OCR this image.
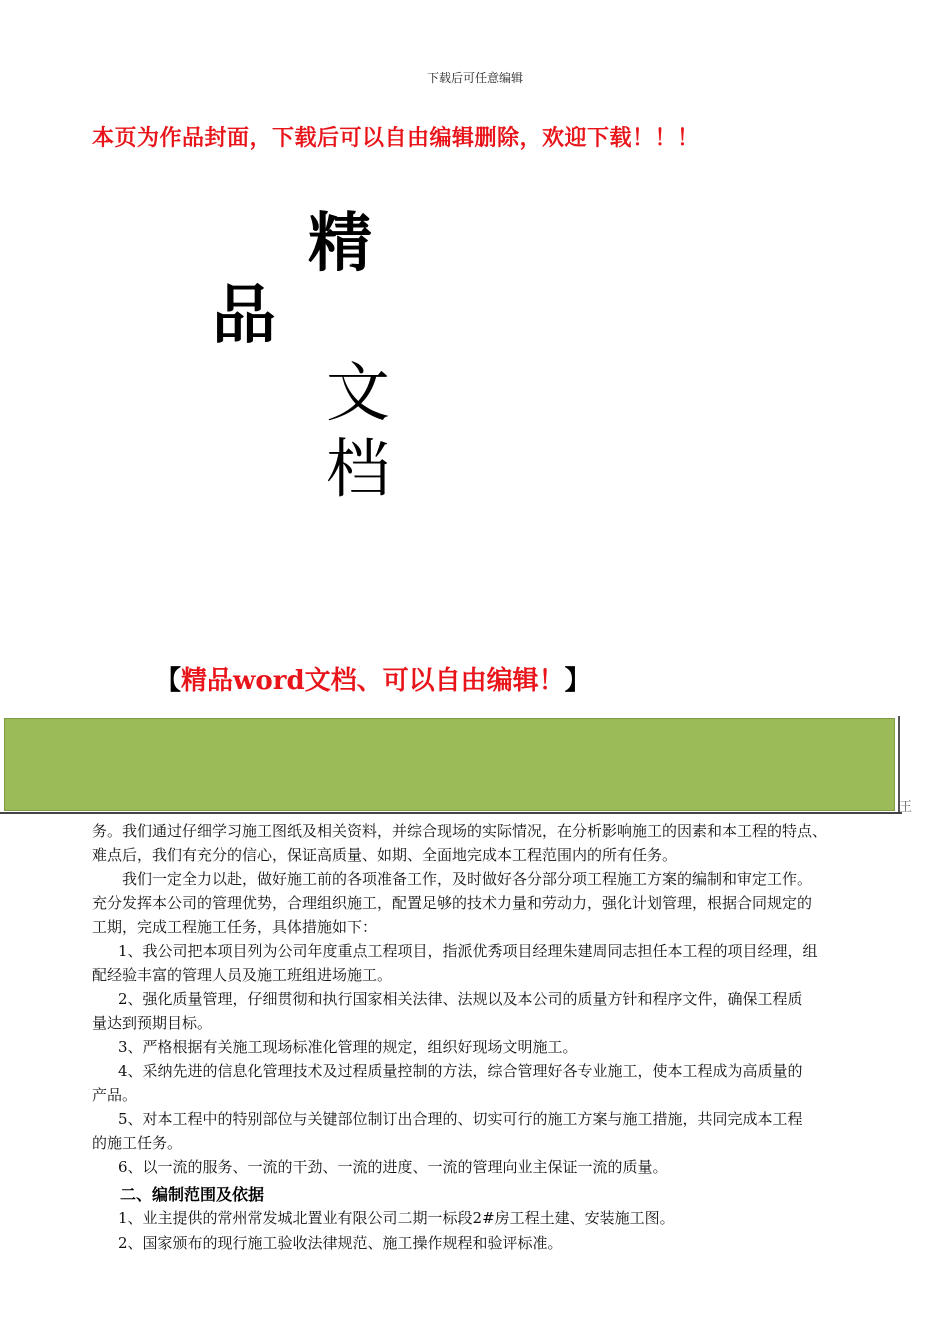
下载后可任意编辑
本页为作品封面，下载后可以自由编辑删除，欢迎下载！！！
精
品
文
档
【精品word文档、可以自由编辑！】
王
务。我们通过仔细学习施工图纸及相关资料，并综合现场的实际情况，在分析影响施工的因素和本工程的特点、
难点后，我们有充分的信心，保证高质量、如期、全面地完成本工程范围内的所有任务。
　　我们一定全力以赴，做好施工前的各项准备工作，及时做好各分部分项工程施工方案的编制和审定工作。
充分发挥本公司的管理优势，合理组织施工，配置足够的技术力量和劳动力，强化计划管理，根据合同规定的
工期，完成工程施工任务，具体措施如下：
1、我公司把本项目列为公司年度重点工程项目，指派优秀项目经理朱建周同志担任本工程的项目经理，组
配经验丰富的管理人员及施工班组进场施工。
2、强化质量管理，仔细贯彻和执行国家相关法律、法规以及本公司的质量方针和程序文件，确保工程质
量达到预期目标。
3、严格根据有关施工现场标准化管理的规定，组织好现场文明施工。
4、采纳先进的信息化管理技术及过程质量控制的方法，综合管理好各专业施工，使本工程成为高质量的
产品。
5、对本工程中的特别部位与关键部位制订出合理的、切实可行的施工方案与施工措施，共同完成本工程
的施工任务。
6、以一流的服务、一流的干劲、一流的进度、一流的管理向业主保证一流的质量。
二、编制范围及依据
1、业主提供的常州常发城北置业有限公司二期一标段2#房工程土建、安装施工图。
2、国家颁布的现行施工验收法律规范、施工操作规程和验评标准。
